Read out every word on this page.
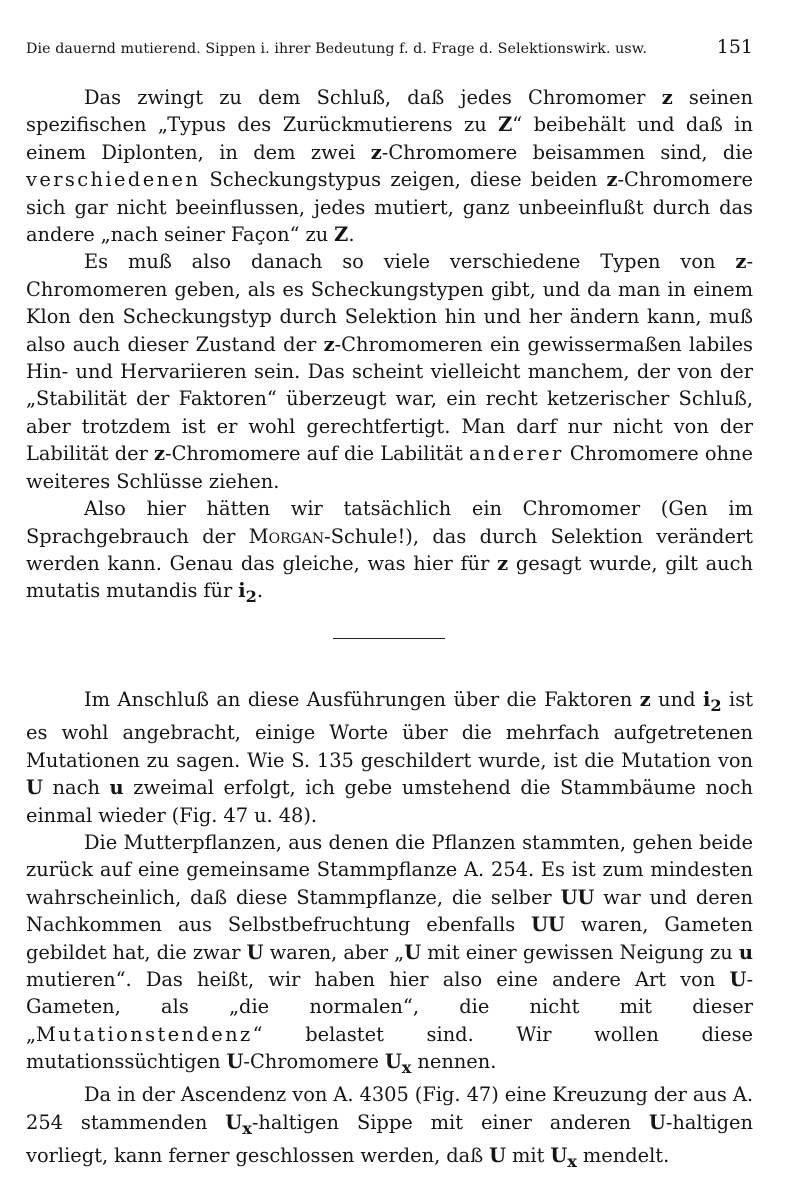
Die dauernd mutierend. Sippen i. ihrer Bedeutung f. d. Frage d. Selektionswirk. usw.	151

Das zwingt zu dem Schluß, daß jedes Chromomer z seinen spezifischen „Typus des Zurückmutierens zu Z“ beibehält und daß in einem Diplonten, in dem zwei z-Chromomere beisammen sind, die verschiedenen Scheckungstypus zeigen, diese beiden z-Chromomere sich gar nicht beeinflussen, jedes mutiert, ganz unbeeinflußt durch das andere „nach seiner Façon“ zu Z.

Es muß also danach so viele verschiedene Typen von z-Chromomeren geben, als es Scheckungstypen gibt, und da man in einem Klon den Scheckungstyp durch Selektion hin und her ändern kann, muß also auch dieser Zustand der z-Chromomeren ein gewissermaßen labiles Hin- und Hervariieren sein. Das scheint vielleicht manchem, der von der „Stabilität der Faktoren“ überzeugt war, ein recht ketzerischer Schluß, aber trotzdem ist er wohl gerechtfertigt. Man darf nur nicht von der Labilität der z-Chromomere auf die Labilität anderer Chromomere ohne weiteres Schlüsse ziehen.

Also hier hätten wir tatsächlich ein Chromomer (Gen im Sprachgebrauch der Morgan-Schule!), das durch Selektion verändert werden kann. Genau das gleiche, was hier für z gesagt wurde, gilt auch mutatis mutandis für $i_2$.

Im Anschluß an diese Ausführungen über die Faktoren z und $i_2$ ist es wohl angebracht, einige Worte über die mehrfach aufgetretenen Mutationen zu sagen. Wie S. 135 geschildert wurde, ist die Mutation von U nach u zweimal erfolgt, ich gebe umstehend die Stammbäume noch einmal wieder (Fig. 47 u. 48).

Die Mutterpflanzen, aus denen die Pflanzen stammten, gehen beide zurück auf eine gemeinsame Stammpflanze A. 254. Es ist zum mindesten wahrscheinlich, daß diese Stammpflanze, die selber UU war und deren Nachkommen aus Selbstbefruchtung ebenfalls UU waren, Gameten gebildet hat, die zwar U waren, aber „U mit einer gewissen Neigung zu u mutieren“. Das heißt, wir haben hier also eine andere Art von U-Gameten, als „die normalen“, die nicht mit dieser „Mutationstendenz“ belastet sind. Wir wollen diese mutationssüchtigen U-Chromomere $U_x$ nennen.

Da in der Ascendenz von A. 4305 (Fig. 47) eine Kreuzung der aus A. 254 stammenden $U_x$-haltigen Sippe mit einer anderen U-haltigen vorliegt, kann ferner geschlossen werden, daß U mit $U_x$ mendelt.
